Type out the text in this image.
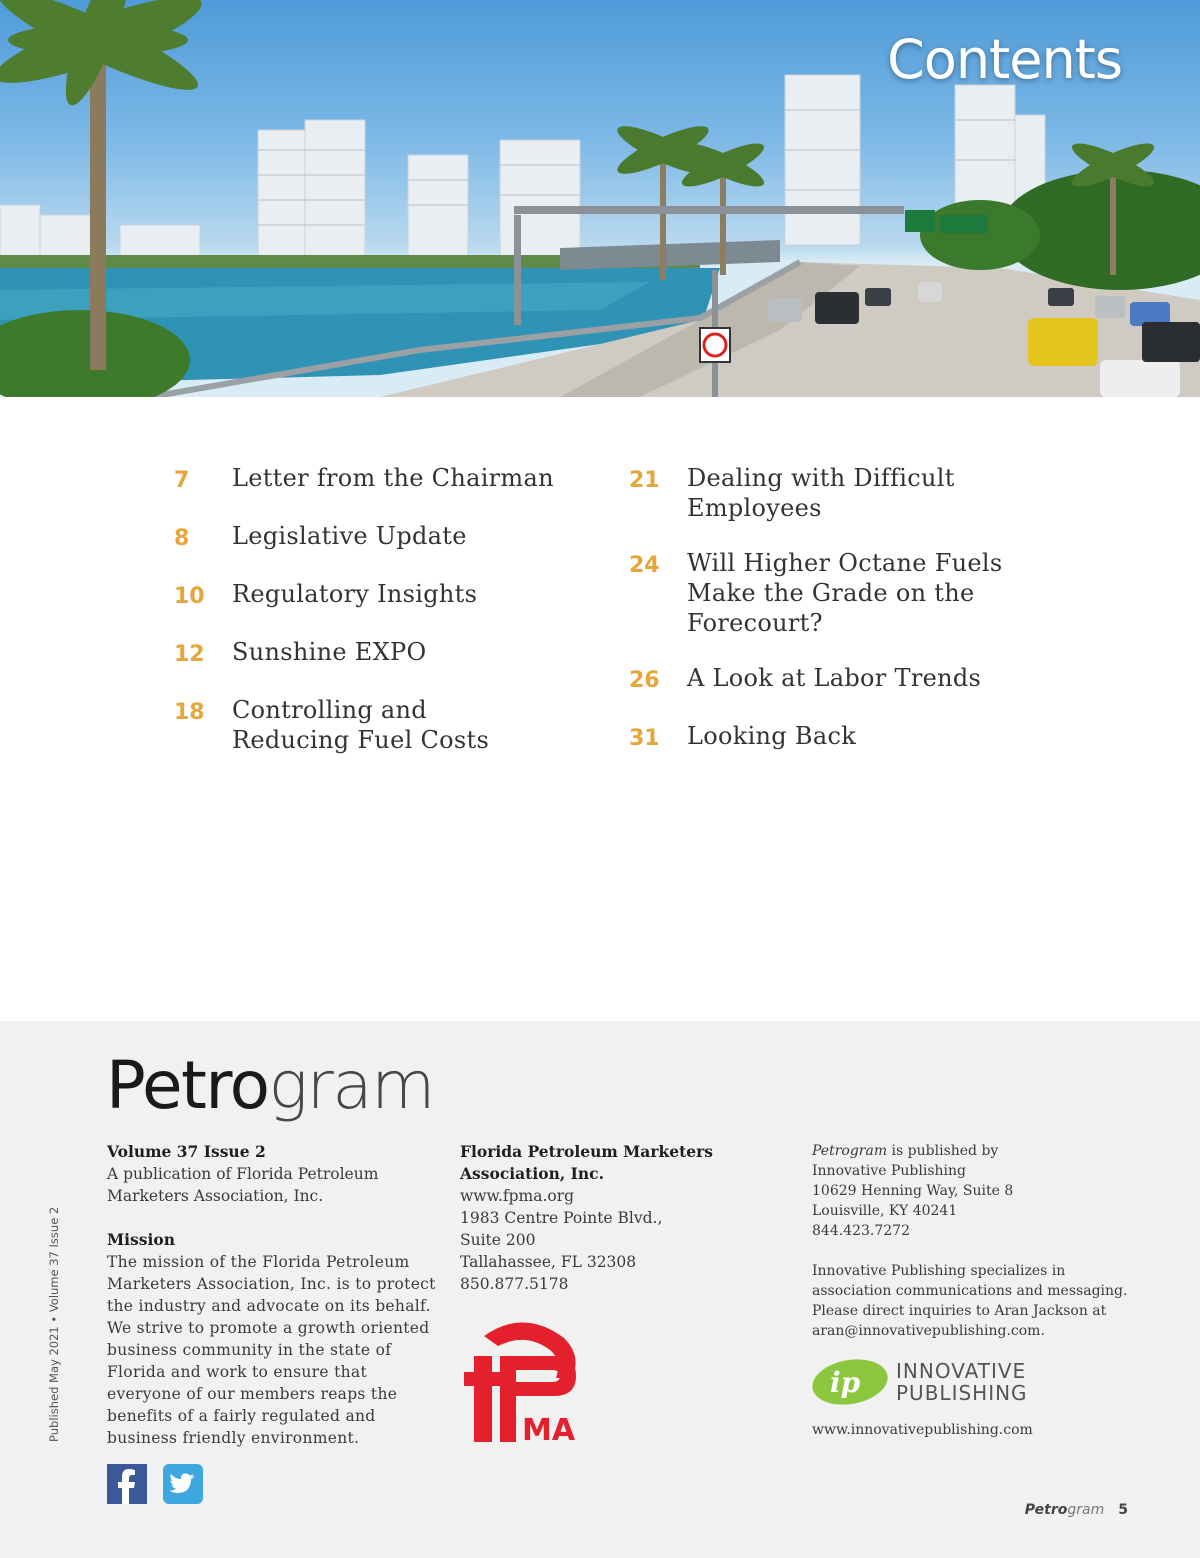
Contents
7	Letter from the Chairman
8	Legislative Update
10	Regulatory Insights
12	Sunshine EXPO
18	Controlling and Reducing Fuel Costs
21	Dealing with Difficult Employees
24	Will Higher Octane Fuels Make the Grade on the Forecourt?
26	A Look at Labor Trends
31	Looking Back
Petrogram
Published May 2021 • Volume 37 Issue 2
Volume 37 Issue 2
A publication of Florida Petroleum Marketers Association, Inc.
Mission
The mission of the Florida Petroleum Marketers Association, Inc. is to protect the industry and advocate on its behalf. We strive to promote a growth oriented business community in the state of Florida and work to ensure that everyone of our members reaps the benefits of a fairly regulated and business friendly environment.
Florida Petroleum Marketers
Association, Inc.
www.fpma.org
1983 Centre Pointe Blvd.,
Suite 200
Tallahassee, FL 32308
850.877.5178
MA
Petrogram is published by
Innovative Publishing
10629 Henning Way, Suite 8
Louisville, KY 40241
844.423.7272
Innovative Publishing specializes in association communications and messaging. Please direct inquiries to Aran Jackson at aran@innovativepublishing.com.
ip INNOVATIVE
PUBLISHING
www.innovativepublishing.com
Petrogram 5
